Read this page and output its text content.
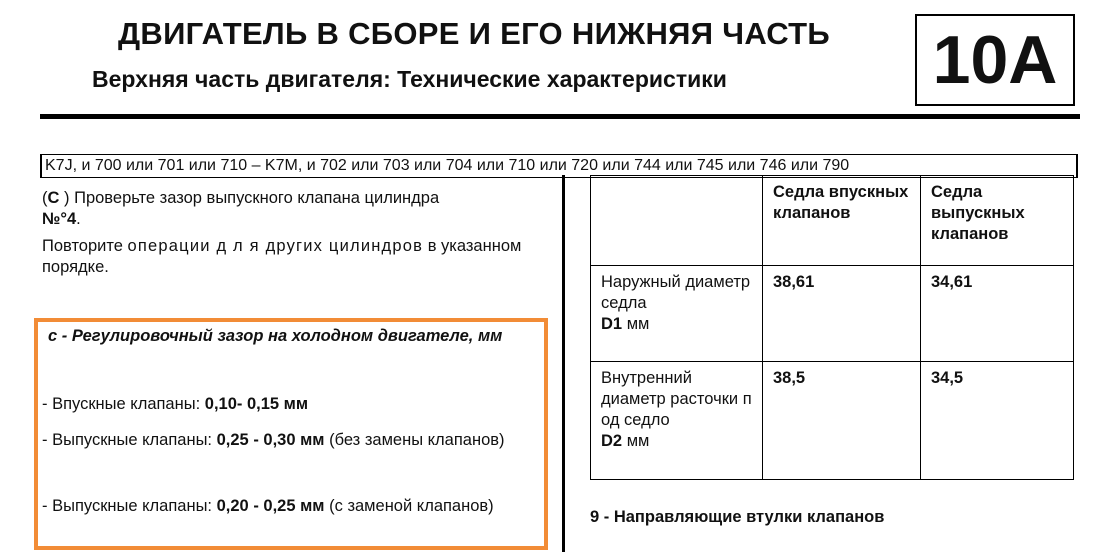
ДВИГАТЕЛЬ В СБОРЕ И ЕГО НИЖНЯЯ ЧАСТЬ
Верхняя часть двигателя: Технические характеристики	10A
K7J, и 700 или 701 или 710 – K7M, и 702 или 703 или 704 или 710 или 720 или 744 или 745 или 746 или 790

(C ) Проверьте зазор выпускного клапана цилиндра
№°4.

Повторите операции д л я других цилиндров в указанном порядке.

с - Регулировочный зазор на холодном двигателе, мм
- Впускные клапаны: 0,10- 0,15 мм
- Выпускные клапаны: 0,25 - 0,30 мм (без замены клапанов)
- Выпускные клапаны: 0,20 - 0,25 мм (с заменой клапанов)
	Седла впускных клапанов	Седла выпускных клапанов
Наружный диаметр седла
D1 мм	38,61	34,61
Внутренний диаметр расточки п од седло
D2 мм	38,5	34,5
9 - Направляющие втулки клапанов
